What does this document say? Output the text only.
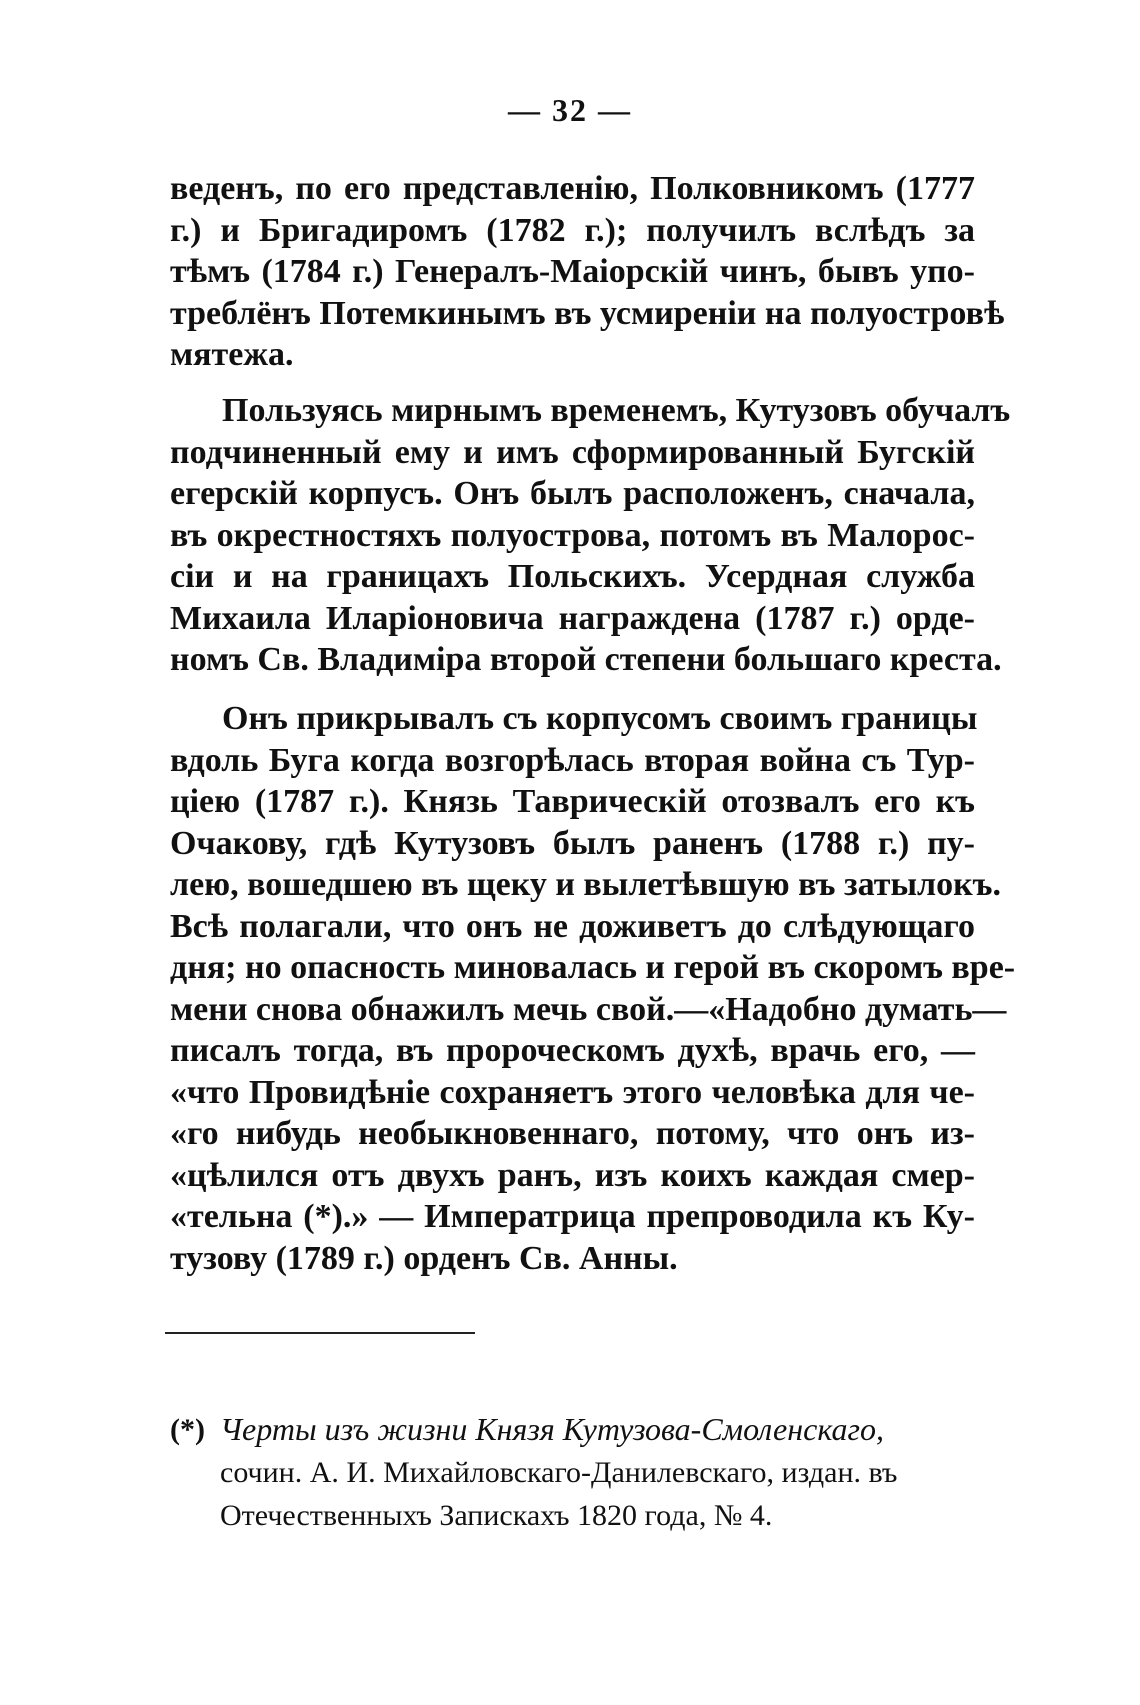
— 32 —
веденъ, по его представленію, Полковникомъ (1777
г.) и Бригадиромъ (1782 г.); получилъ вслѣдъ за
тѣмъ (1784 г.) Генералъ-Маіорскій чинъ, бывъ упо-
треблёнъ Потемкинымъ въ усмиреніи на полуостровѣ
мятежа.
Пользуясь мирнымъ временемъ, Кутузовъ обучалъ
подчиненный ему и имъ сформированный Бугскій
егерскій корпусъ. Онъ былъ расположенъ, сначала,
въ окрестностяхъ полуострова, потомъ въ Малорос-
сіи и на границахъ Польскихъ. Усердная служба
Михаила Иларіоновича награждена (1787 г.) орде-
номъ Св. Владиміра второй степени большаго креста.
Онъ прикрывалъ съ корпусомъ своимъ границы
вдоль Буга когда возгорѣлась вторая война съ Тур-
ціею (1787 г.). Князь Таврическій отозвалъ его къ
Очакову, гдѣ Кутузовъ былъ раненъ (1788 г.) пу-
лею, вошедшею въ щеку и вылетѣвшую въ затылокъ.
Всѣ полагали, что онъ не доживетъ до слѣдующаго
дня; но опасность миновалась и герой въ скоромъ вре-
мени снова обнажилъ мечь свой.—«Надобно думать—
писалъ тогда, въ пророческомъ духѣ, врачь его, —
«что Провидѣніе сохраняетъ этого человѣка для че-
«го нибудь необыкновеннаго, потому, что онъ из-
«цѣлился отъ двухъ ранъ, изъ коихъ каждая смер-
«тельна (*).» — Императрица препроводила къ Ку-
тузову (1789 г.) орденъ Св. Анны.
(*) Черты изъ жизни Князя Кутузова-Смоленскаго,
сочин. А. И. Михайловскаго-Данилевскаго, издан. въ
Отечественныхъ Запискахъ 1820 года, № 4.
